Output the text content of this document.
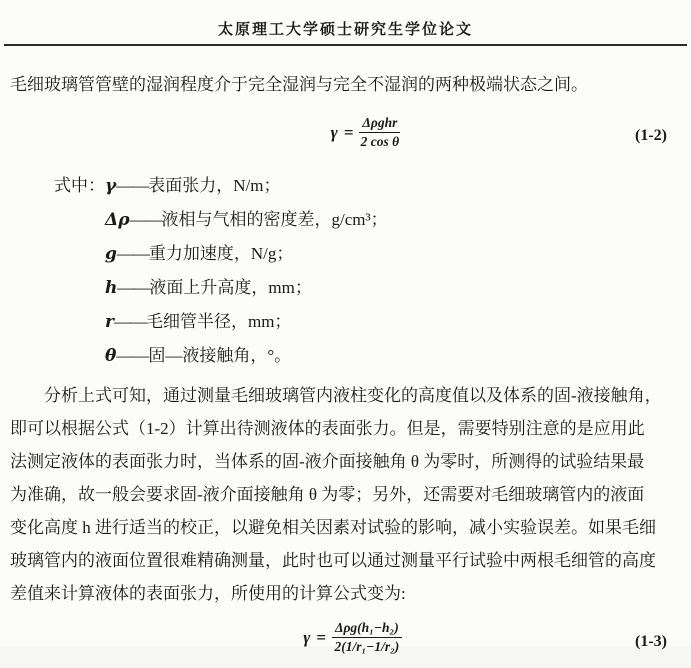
太原理工大学硕士研究生学位论文
毛细玻璃管管壁的湿润程度介于完全湿润与完全不湿润的两种极端状态之间。
$\gamma = \frac{\text{Δρghr}}{\text{2 cos θ}}$	(1-2)
式中：γ——表面张力，N/m；
Δρ——液相与气相的密度差，g/cm³；
g——重力加速度，N/g；
h——液面上升高度，mm；
r——毛细管半径，mm；
θ——固—液接触角，°。
分析上式可知，通过测量毛细玻璃管内液柱变化的高度值以及体系的固-液接触角，
即可以根据公式（1-2）计算出待测液体的表面张力。但是，需要特别注意的是应用此
法测定液体的表面张力时，当体系的固-液介面接触角 θ 为零时，所测得的试验结果最
为准确，故一般会要求固-液介面接触角 θ 为零；另外，还需要对毛细玻璃管内的液面
变化高度 h 进行适当的校正，以避免相关因素对试验的影响，减小实验误差。如果毛细
玻璃管内的液面位置很难精确测量，此时也可以通过测量平行试验中两根毛细管的高度
差值来计算液体的表面张力，所使用的计算公式变为:
$\gamma = \frac{\text{Δρg(h₁−h₂)}}{\text{2(1/r₁−1/r₂)}}$	(1-3)
